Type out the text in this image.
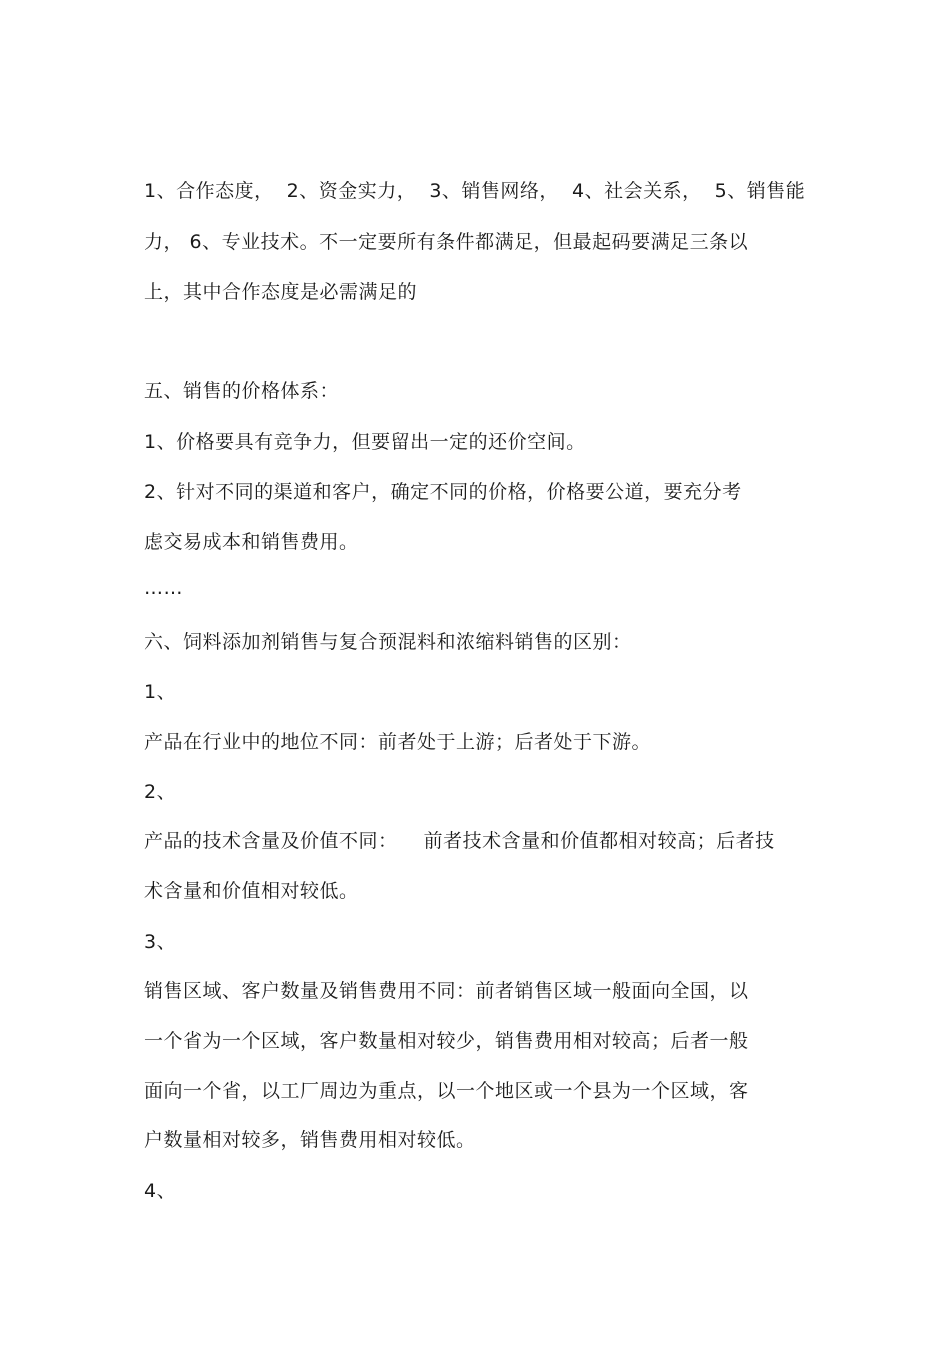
1、合作态度，  2、资金实力，  3、销售网络，  4、社会关系，  5、销售能
力， 6、专业技术。不一定要所有条件都满足，但最起码要满足三条以
上，其中合作态度是必需满足的
五、销售的价格体系：
1、价格要具有竞争力，但要留出一定的还价空间。
2、针对不同的渠道和客户，确定不同的价格，价格要公道，要充分考
虑交易成本和销售费用。
……
六、饲料添加剂销售与复合预混料和浓缩料销售的区别：
1、
产品在行业中的地位不同：前者处于上游；后者处于下游。
2、
产品的技术含量及价值不同：    前者技术含量和价值都相对较高；后者技
术含量和价值相对较低。
3、
销售区域、客户数量及销售费用不同：前者销售区域一般面向全国，以
一个省为一个区域，客户数量相对较少，销售费用相对较高；后者一般
面向一个省，以工厂周边为重点，以一个地区或一个县为一个区域，客
户数量相对较多，销售费用相对较低。
4、
